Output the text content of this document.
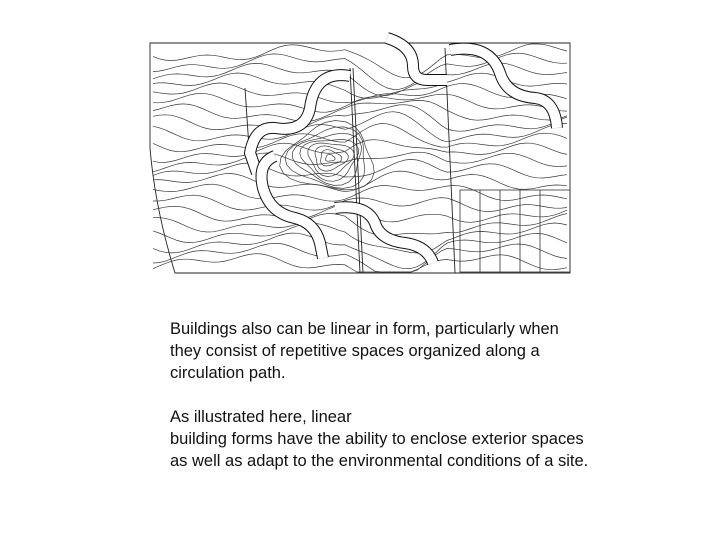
Buildings also can be linear in form, particularly when they consist of repetitive spaces organized along a circulation path.

As illustrated here, linear
building forms have the ability to enclose exterior spaces as well as adapt to the environmental conditions of a site.
